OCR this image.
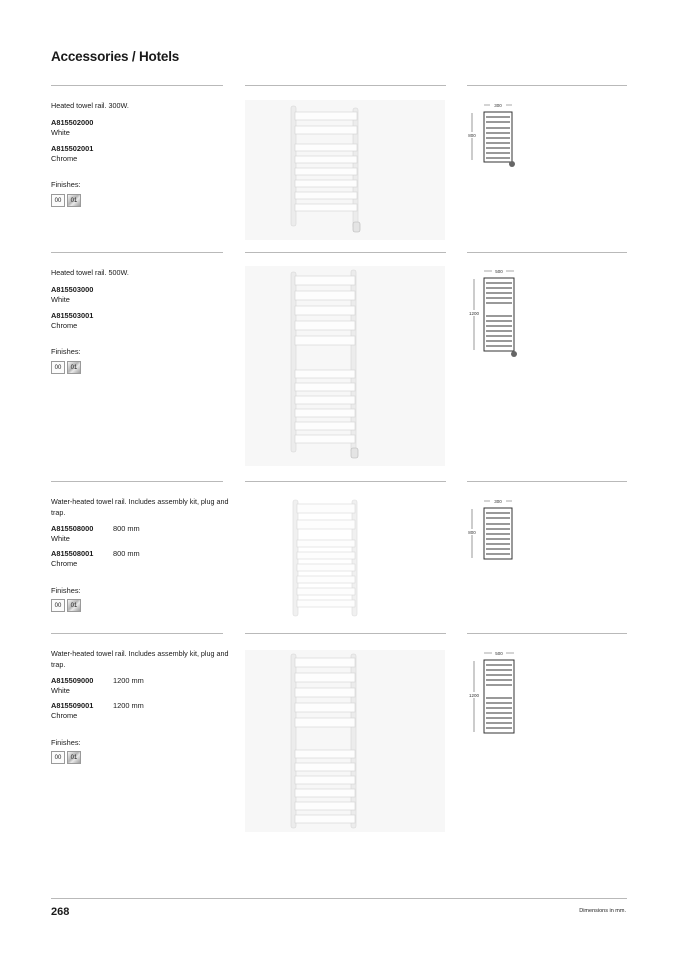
Accessories / Hotels
Heated towel rail. 300W.
A815502000
White
A815502001
Chrome
Finishes:
00	01
300
800
Heated towel rail. 500W.
A815503000
White
A815503001
Chrome
Finishes:
00	01
500
1200
Water-heated towel rail. Includes assembly kit, plug and trap.
A815508000	800 mm
White
A815508001	800 mm
Chrome
Finishes:
00	01
300
800
Water-heated towel rail. Includes assembly kit, plug and trap.
A815509000	1200 mm
White
A815509001	1200 mm
Chrome
Finishes:
00	01
500
1200
268	Dimensions in mm.
